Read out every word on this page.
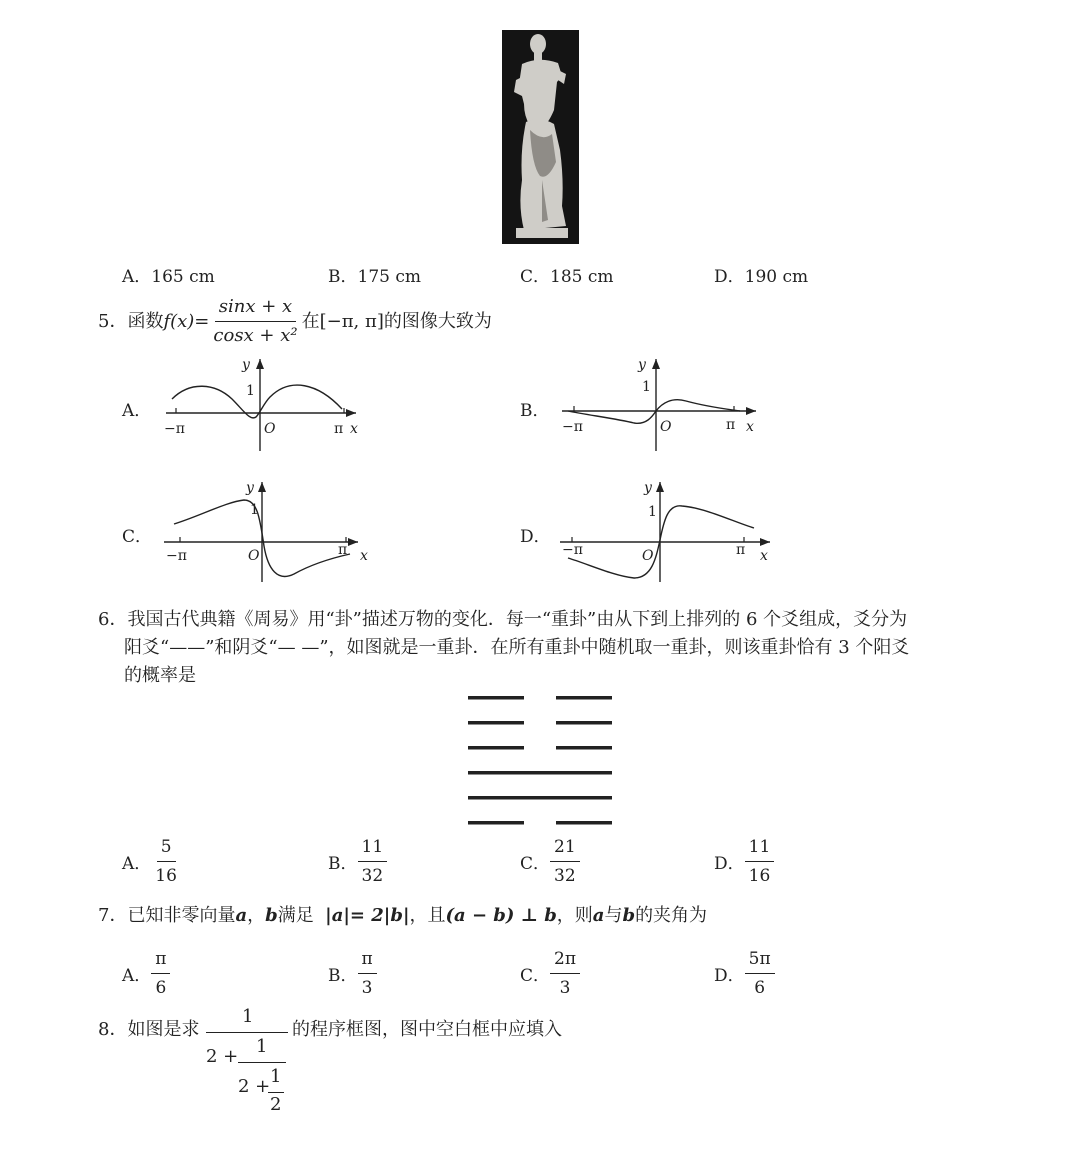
A．165 cm	B．175 cm	C．185 cm	D．190 cm
5． 函数 $f(x)= \frac{\sin x + x}{\text{cosx + x²}}$ 在[−π, π] 的图像大致为
A．	B．
C．	D．
y
1
O
−π	π x
y
1
O
−π	π x
y
1
O
−π	π x
y
1
O
−π	π x
6．我国古代典籍《周易》用“卦”描述万物的变化．每一“重卦”由从下到上排列的 6 个爻组成，爻分为
阳爻“——”和阴爻“— —”，如图就是一重卦．在所有重卦中随机取一重卦，则该重卦恰有 3 个阳爻
的概率是
A． $\frac{5}{16}$	B． $\frac{11}{32}$	C． $\frac{21}{32}$	D． $\frac{11}{16}$
7．已知非零向量a，b满足 |a|= 2|b|，且(a − b) ⊥ b，则a与b的夹角为
A． $\frac{\pi}{6}$	B． $\frac{\pi}{3}$	C． $\frac{2\pi}{3}$	D． $\frac{5\pi}{6}$
8．如图是求
1
2 + 1
2 + 1
2
的程序框图，图中空白框中应填入
